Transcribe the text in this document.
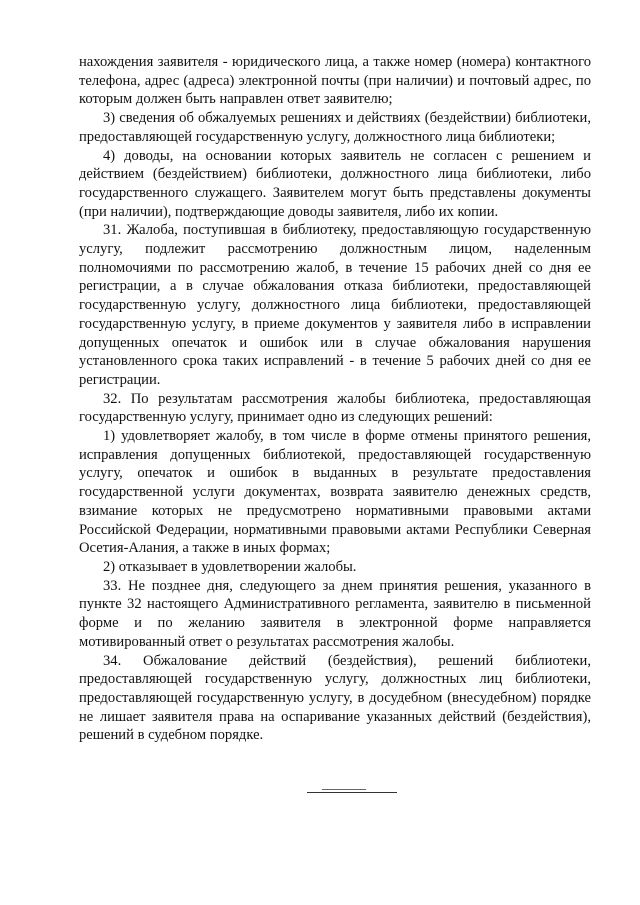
нахождения заявителя - юридического лица, а также номер (номера) контактного телефона, адрес (адреса) электронной почты (при наличии) и почтовый адрес, по которым должен быть направлен ответ заявителю;

3) сведения об обжалуемых решениях и действиях (бездействии) библиотеки, предоставляющей государственную услугу, должностного лица библиотеки;

4) доводы, на основании которых заявитель не согласен с решением и действием (бездействием) библиотеки, должностного лица библиотеки, либо государственного служащего. Заявителем могут быть представлены документы (при наличии), подтверждающие доводы заявителя, либо их копии.

31. Жалоба, поступившая в библиотеку, предоставляющую государственную услугу, подлежит рассмотрению должностным лицом, наделенным полномочиями по рассмотрению жалоб, в течение 15 рабочих дней со дня ее регистрации, а в случае обжалования отказа библиотеки, предоставляющей государственную услугу, должностного лица библиотеки, предоставляющей государственную услугу, в приеме документов у заявителя либо в исправлении допущенных опечаток и ошибок или в случае обжалования нарушения установленного срока таких исправлений - в течение 5 рабочих дней со дня ее регистрации.

32. По результатам рассмотрения жалобы библиотека, предоставляющая государственную услугу, принимает одно из следующих решений:

1) удовлетворяет жалобу, в том числе в форме отмены принятого решения, исправления допущенных библиотекой, предоставляющей государственную услугу, опечаток и ошибок в выданных в результате предоставления государственной услуги документах, возврата заявителю денежных средств, взимание которых не предусмотрено нормативными правовыми актами Российской Федерации, нормативными правовыми актами Республики Северная Осетия-Алания, а также в иных формах;

2) отказывает в удовлетворении жалобы.

33. Не позднее дня, следующего за днем принятия решения, указанного в пункте 32 настоящего Административного регламента, заявителю в письменной форме и по желанию заявителя в электронной форме направляется мотивированный ответ о результатах рассмотрения жалобы.

34. Обжалование действий (бездействия), решений библиотеки, предоставляющей государственную услугу, должностных лиц библиотеки, предоставляющей государственную услугу, в досудебном (внесудебном) порядке не лишает заявителя права на оспаривание указанных действий (бездействия), решений в судебном порядке.
